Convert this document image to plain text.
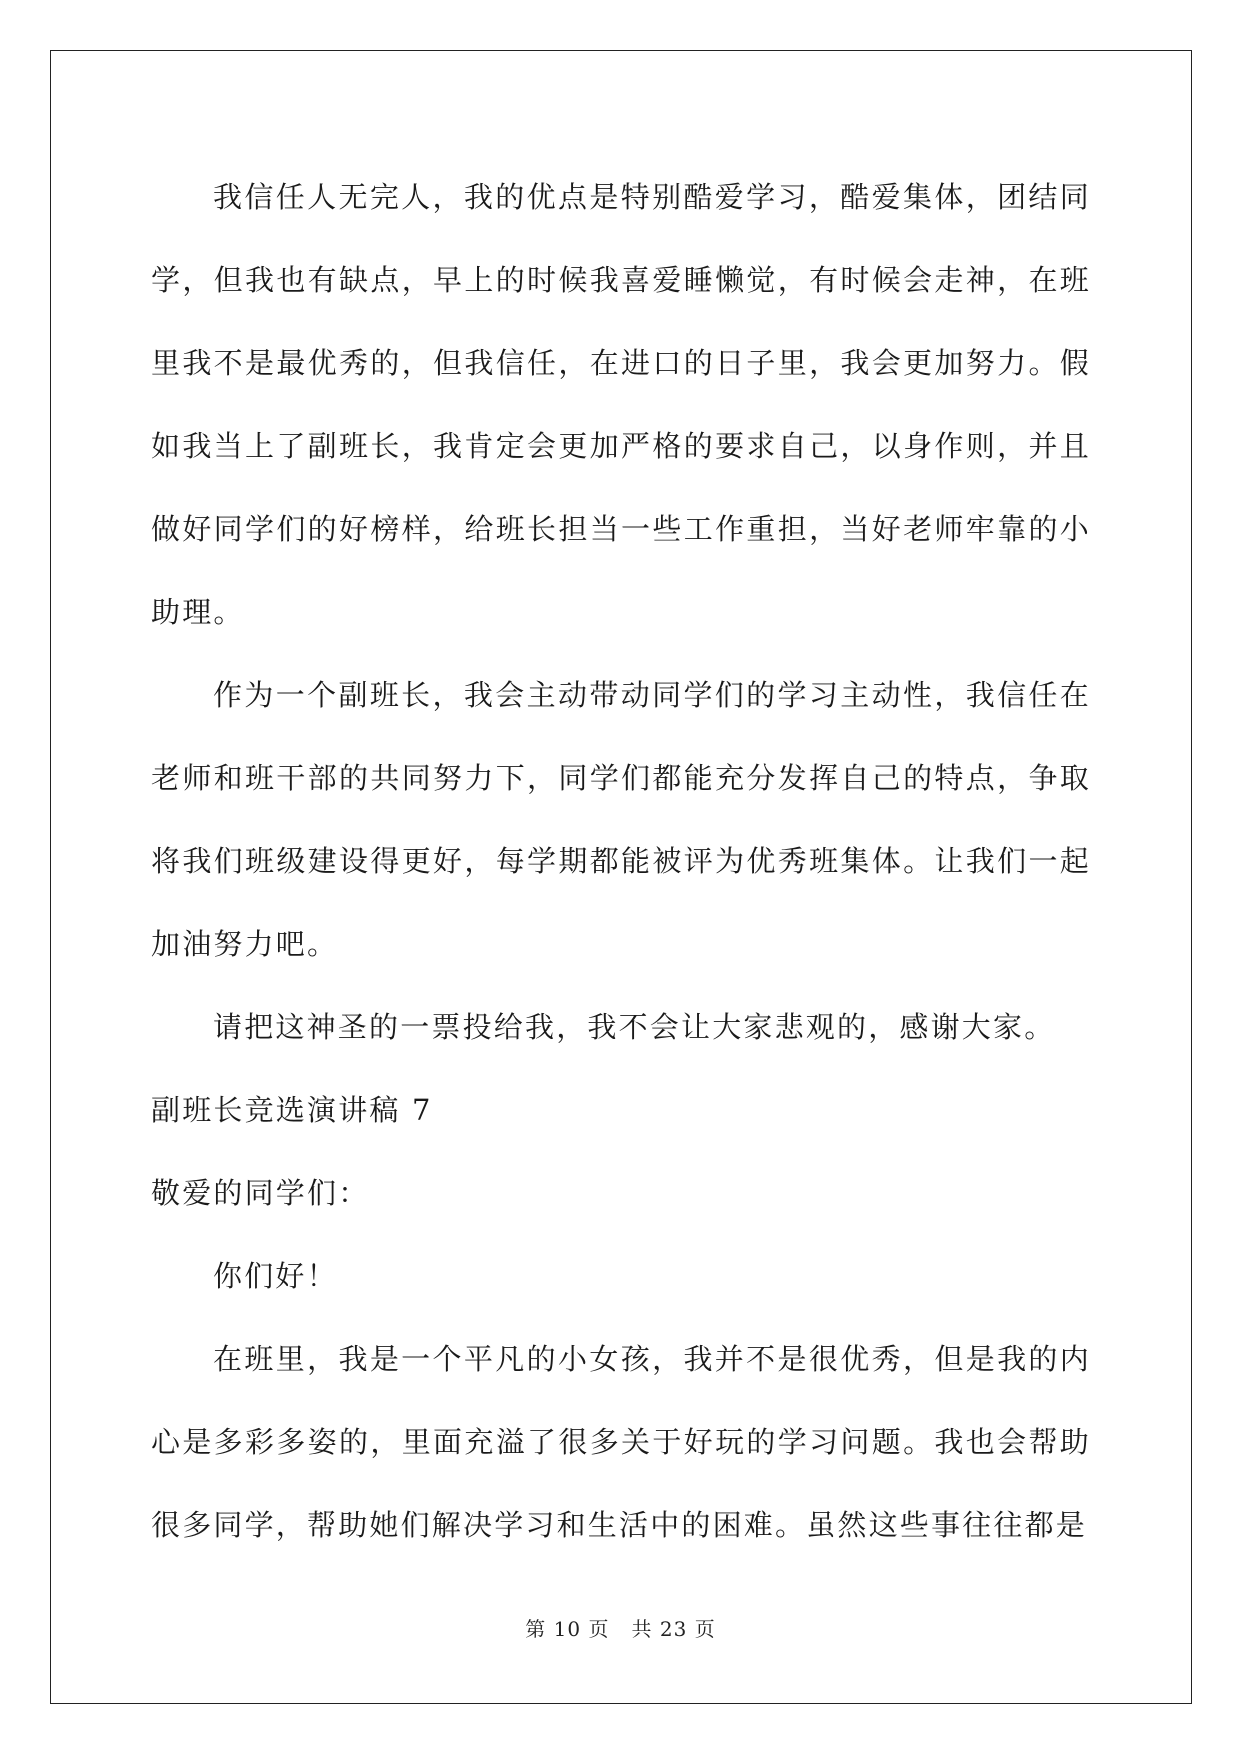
我信任人无完人，我的优点是特别酷爱学习，酷爱集体，团结同学，但我也有缺点，早上的时候我喜爱睡懒觉，有时候会走神，在班里我不是最优秀的，但我信任，在进口的日子里，我会更加努力。假如我当上了副班长，我肯定会更加严格的要求自己，以身作则，并且做好同学们的好榜样，给班长担当一些工作重担，当好老师牢靠的小助理。

作为一个副班长，我会主动带动同学们的学习主动性，我信任在老师和班干部的共同努力下，同学们都能充分发挥自己的特点，争取将我们班级建设得更好，每学期都能被评为优秀班集体。让我们一起加油努力吧。

请把这神圣的一票投给我，我不会让大家悲观的，感谢大家。

副班长竞选演讲稿 7

敬爱的同学们：

你们好！

在班里，我是一个平凡的小女孩，我并不是很优秀，但是我的内心是多彩多姿的，里面充溢了很多关于好玩的学习问题。我也会帮助很多同学，帮助她们解决学习和生活中的困难。虽然这些事往往都是

第 10 页 共 23 页
